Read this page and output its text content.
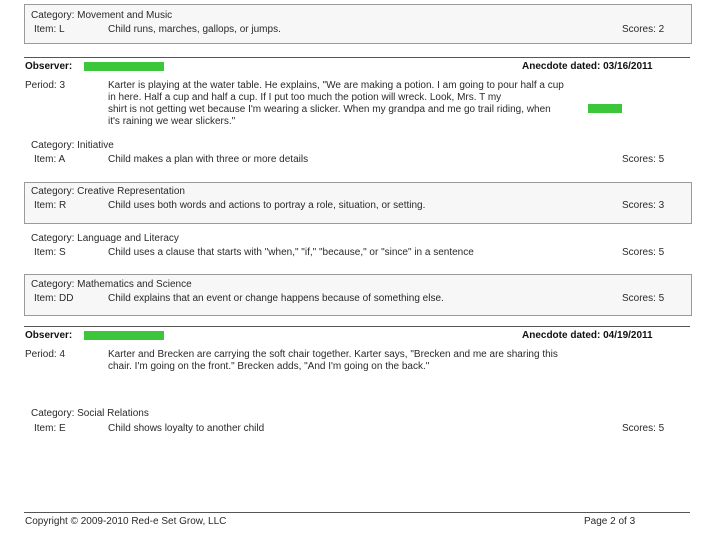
Category: Movement and Music
Item: L	Child runs, marches, gallops, or jumps.	Scores: 2
Observer:	Anecdote dated: 03/16/2011
Period: 3	Karter is playing at the water table. He explains, "We are making a potion. I am going to pour half a cup
in here. Half a cup and half a cup. If I put too much the potion will wreck. Look, Mrs. T my
shirt is not getting wet because I'm wearing a slicker. When my grandpa and me go trail riding, when
it's raining we wear slickers."
Category: Initiative
Item: A	Child makes a plan with three or more details	Scores: 5
Category: Creative Representation
Item: R	Child uses both words and actions to portray a role, situation, or setting.	Scores: 3
Category: Language and Literacy
Item: S	Child uses a clause that starts with "when," "if," "because," or "since" in a sentence	Scores: 5
Category: Mathematics and Science
Item: DD	Child explains that an event or change happens because of something else.	Scores: 5
Observer:	Anecdote dated: 04/19/2011
Period: 4	Karter and Brecken are carrying the soft chair together. Karter says, "Brecken and me are sharing this
chair. I'm going on the front." Brecken adds, "And I'm going on the back."
Category: Social Relations
Item: E	Child shows loyalty to another child	Scores: 5
Copyright © 2009-2010 Red-e Set Grow, LLC	Page 2 of 3
